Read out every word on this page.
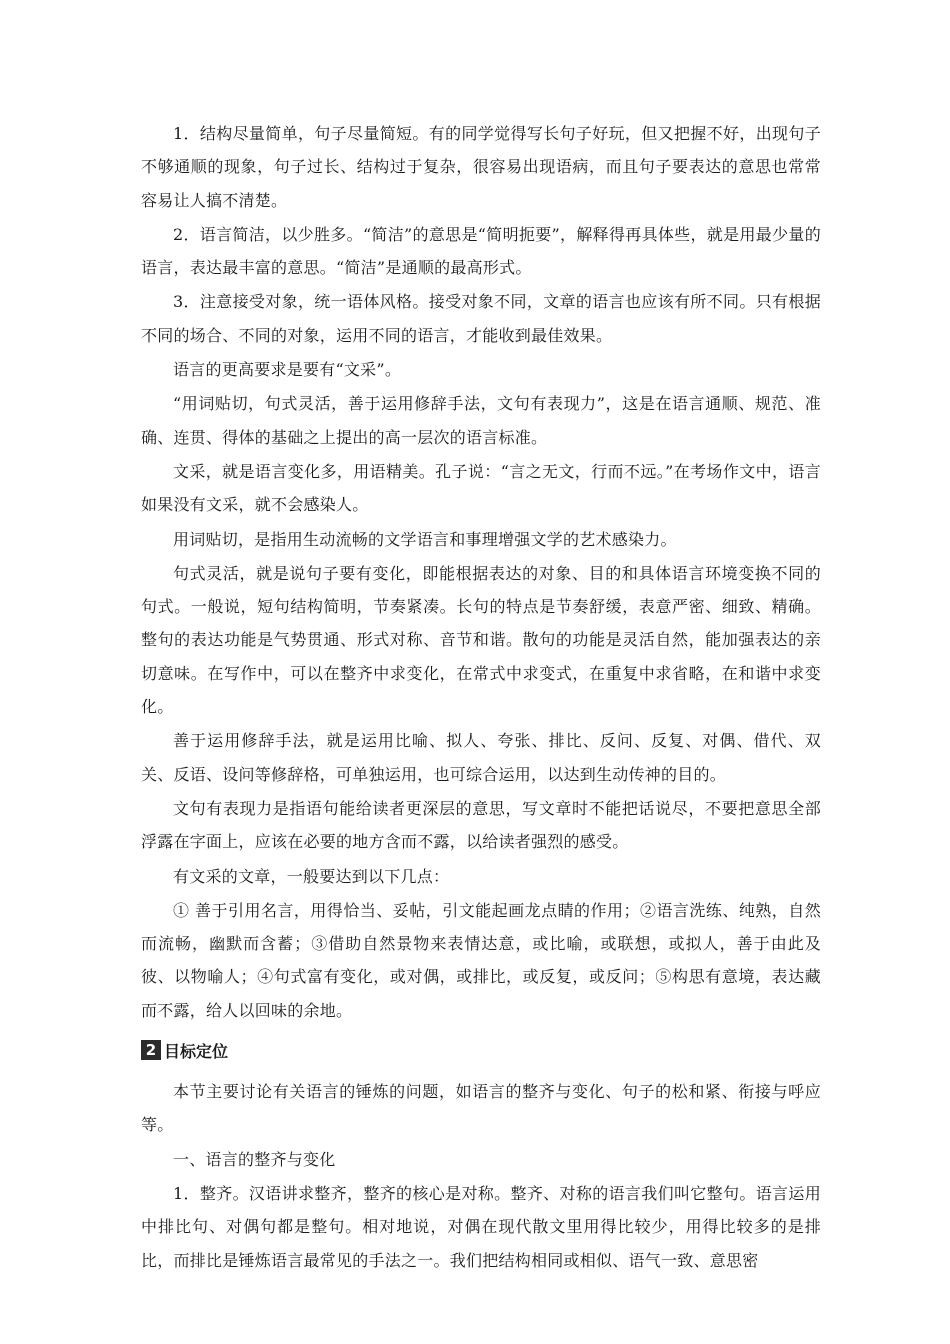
1．结构尽量简单，句子尽量简短。有的同学觉得写长句子好玩，但又把握不好，出现句子不够通顺的现象，句子过长、结构过于复杂，很容易出现语病，而且句子要表达的意思也常常容易让人搞不清楚。

2．语言简洁，以少胜多。“简洁”的意思是“简明扼要”，解释得再具体些，就是用最少量的语言，表达最丰富的意思。“简洁”是通顺的最高形式。

3．注意接受对象，统一语体风格。接受对象不同，文章的语言也应该有所不同。只有根据不同的场合、不同的对象，运用不同的语言，才能收到最佳效果。

语言的更高要求是要有“文采”。

“用词贴切，句式灵活，善于运用修辞手法，文句有表现力”，这是在语言通顺、规范、准确、连贯、得体的基础之上提出的高一层次的语言标准。

文采，就是语言变化多，用语精美。孔子说：“言之无文，行而不远。”在考场作文中，语言如果没有文采，就不会感染人。

用词贴切，是指用生动流畅的文学语言和事理增强文学的艺术感染力。

句式灵活，就是说句子要有变化，即能根据表达的对象、目的和具体语言环境变换不同的句式。一般说，短句结构简明，节奏紧凑。长句的特点是节奏舒缓，表意严密、细致、精确。整句的表达功能是气势贯通、形式对称、音节和谐。散句的功能是灵活自然，能加强表达的亲切意味。在写作中，可以在整齐中求变化，在常式中求变式，在重复中求省略，在和谐中求变化。

善于运用修辞手法，就是运用比喻、拟人、夸张、排比、反问、反复、对偶、借代、双关、反语、设问等修辞格，可单独运用，也可综合运用，以达到生动传神的目的。

文句有表现力是指语句能给读者更深层的意思，写文章时不能把话说尽，不要把意思全部浮露在字面上，应该在必要的地方含而不露，以给读者强烈的感受。

有文采的文章，一般要达到以下几点：

① 善于引用名言，用得恰当、妥帖，引文能起画龙点睛的作用；②语言洗练、纯熟，自然而流畅，幽默而含蓄；③借助自然景物来表情达意，或比喻，或联想，或拟人，善于由此及彼、以物喻人；④句式富有变化，或对偶，或排比，或反复，或反问；⑤构思有意境，表达藏而不露，给人以回味的余地。

2 目标定位

本节主要讨论有关语言的锤炼的问题，如语言的整齐与变化、句子的松和紧、衔接与呼应等。

一、语言的整齐与变化

1．整齐。汉语讲求整齐，整齐的核心是对称。整齐、对称的语言我们叫它整句。语言运用中排比句、对偶句都是整句。相对地说，对偶在现代散文里用得比较少，用得比较多的是排比，而排比是锤炼语言最常见的手法之一。我们把结构相同或相似、语气一致、意思密
